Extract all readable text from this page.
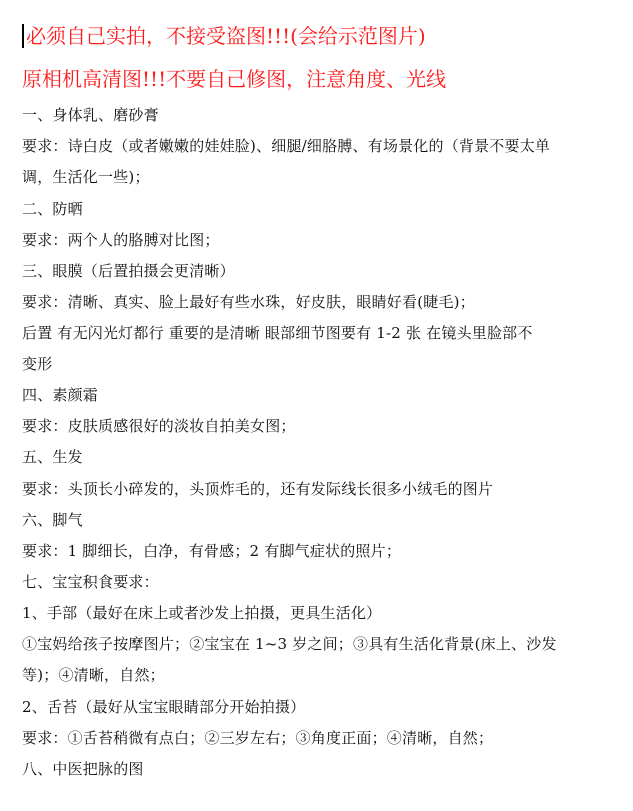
必须自己实拍，不接受盗图!!!(会给示范图片)
原相机高清图!!!不要自己修图，注意角度、光线
一、身体乳、磨砂膏
要求：诗白皮（或者嫩嫩的娃娃脸)、细腿/细胳膊、有场景化的（背景不要太单
调，生活化一些)；
二、防晒
要求：两个人的胳膊对比图；
三、眼膜（后置拍摄会更清晰）
要求：清晰、真实、脸上最好有些水珠，好皮肤，眼睛好看(睫毛)；
后置 有无闪光灯都行 重要的是清晰 眼部细节图要有 1-2 张 在镜头里脸部不
变形
四、素颜霜
要求：皮肤质感很好的淡妆自拍美女图；
五、生发
要求：头顶长小碎发的，头顶炸毛的，还有发际线长很多小绒毛的图片
六、脚气
要求：1 脚细长，白净，有骨感；2 有脚气症状的照片；
七、宝宝积食要求：
1、手部（最好在床上或者沙发上拍摄，更具生活化）
①宝妈给孩子按摩图片；②宝宝在 1~3 岁之间；③具有生活化背景(床上、沙发
等)；④清晰，自然；
2、舌苔（最好从宝宝眼睛部分开始拍摄）
要求：①舌苔稍微有点白；②三岁左右；③角度正面；④清晰，自然；
八、中医把脉的图
